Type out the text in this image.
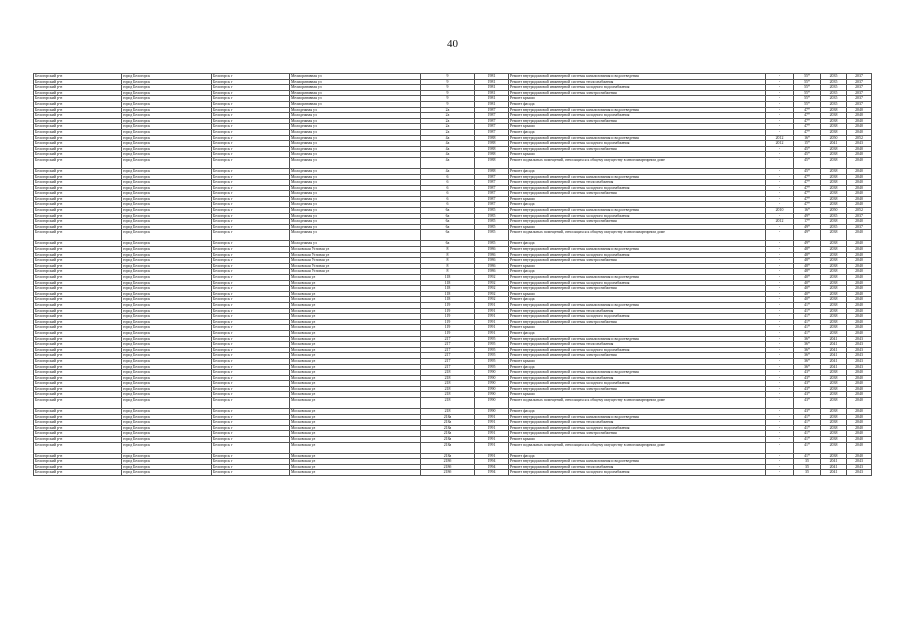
40
Белогорский р-н	город Белогорск	Белогорск г	Мелиоративная ул	9	1981	Ремонт внутридомовой инженерной системы канализования и водоотведения	-	55*	2035	2037
Белогорский р-н	город Белогорск	Белогорск г	Мелиоративная ул	9	1981	Ремонт внутридомовой инженерной системы теплоснабжения	-	55*	2035	2037
Белогорский р-н	город Белогорск	Белогорск г	Мелиоративная ул	9	1981	Ремонт внутридомовой инженерной системы холодного водоснабжения	-	55*	2035	2037
Белогорский р-н	город Белогорск	Белогорск г	Мелиоративная ул	9	1981	Ремонт внутридомовой инженерной системы электроснабжения	-	55*	2035	2037
Белогорский р-н	город Белогорск	Белогорск г	Мелиоративная ул	9	1981	Ремонт крыши	-	55*	2035	2037
Белогорский р-н	город Белогорск	Белогорск г	Мелиоративная ул	9	1981	Ремонт фасада	-	55*	2035	2037
Белогорский р-н	город Белогорск	Белогорск г	Молодежная ул	2а	1987	Ремонт внутридомовой инженерной системы канализования и водоотведения	-	47*	2038	2040
Белогорский р-н	город Белогорск	Белогорск г	Молодежная ул	2а	1987	Ремонт внутридомовой инженерной системы холодного водоснабжения	-	47*	2038	2040
Белогорский р-н	город Белогорск	Белогорск г	Молодежная ул	2а	1987	Ремонт внутридомовой инженерной системы электроснабжения	-	47*	2038	2040
Белогорский р-н	город Белогорск	Белогорск г	Молодежная ул	2а	1987	Ремонт крыши	-	47*	2038	2040
Белогорский р-н	город Белогорск	Белогорск г	Молодежная ул	2а	1987	Ремонт фасада	-	47*	2038	2040
Белогорский р-н	город Белогорск	Белогорск г	Молодежная ул	4а	1988	Ремонт внутридомовой инженерной системы канализования и водоотведения	2012	16*	2050	2052
Белогорский р-н	город Белогорск	Белогорск г	Молодежная ул	4а	1988	Ремонт внутридомовой инженерной системы холодного водоснабжения	2012	15*	2041	2043
Белогорский р-н	город Белогорск	Белогорск г	Молодежная ул	4а	1988	Ремонт внутридомовой инженерной системы электроснабжения	-	45*	2038	2040
Белогорский р-н	город Белогорск	Белогорск г	Молодежная ул	4а	1988	Ремонт крыши	-	45*	2038	2040
Белогорский р-н	город Белогорск	Белогорск г	Молодежная ул	4а	1988	Ремонт подвальных помещений, относящихся к общему имуществу в многоквартирном доме	-	45*	2038	2040
Белогорский р-н	город Белогорск	Белогорск г	Молодежная ул	4а	1988	Ремонт фасада	-	45*	2038	2040
Белогорский р-н	город Белогорск	Белогорск г	Молодежная ул	6	1987	Ремонт внутридомовой инженерной системы канализования и водоотведения	-	47*	2038	2040
Белогорский р-н	город Белогорск	Белогорск г	Молодежная ул	6	1987	Ремонт внутридомовой инженерной системы теплоснабжения	-	47*	2038	2040
Белогорский р-н	город Белогорск	Белогорск г	Молодежная ул	6	1987	Ремонт внутридомовой инженерной системы холодного водоснабжения	-	47*	2038	2040
Белогорский р-н	город Белогорск	Белогорск г	Молодежная ул	6	1987	Ремонт внутридомовой инженерной системы электроснабжения	-	47*	2038	2040
Белогорский р-н	город Белогорск	Белогорск г	Молодежная ул	6	1987	Ремонт крыши	-	47*	2038	2040
Белогорский р-н	город Белогорск	Белогорск г	Молодежная ул	6	1987	Ремонт фасада	-	47*	2038	2040
Белогорский р-н	город Белогорск	Белогорск г	Молодежная ул	6а	1985	Ремонт внутридомовой инженерной системы канализования и водоотведения	2010	16*	2050	2052
Белогорский р-н	город Белогорск	Белогорск г	Молодежная ул	6а	1985	Ремонт внутридомовой инженерной системы холодного водоснабжения	-	49*	2035	2037
Белогорский р-н	город Белогорск	Белогорск г	Молодежная ул	6а	1985	Ремонт внутридомовой инженерной системы электроснабжения	2012	17*	2038	2040
Белогорский р-н	город Белогорск	Белогорск г	Молодежная ул	6а	1985	Ремонт крыши	-	49*	2035	2037
Белогорский р-н	город Белогорск	Белогорск г	Молодежная ул	6а	1985	Ремонт подвальных помещений, относящихся к общему имуществу в многоквартирном доме	-	49*	2038	2040
Белогорский р-н	город Белогорск	Белогорск г	Молодежная ул	6а	1985	Ремонт фасада	-	49*	2038	2040
Белогорский р-н	город Белогорск	Белогорск г	Московская Угловая ул	8	1986	Ремонт внутридомовой инженерной системы канализования и водоотведения	-	48*	2038	2040
Белогорский р-н	город Белогорск	Белогорск г	Московская Угловая ул	8	1986	Ремонт внутридомовой инженерной системы холодного водоснабжения	-	48*	2038	2040
Белогорский р-н	город Белогорск	Белогорск г	Московская Угловая ул	8	1986	Ремонт внутридомовой инженерной системы электроснабжения	-	48*	2038	2040
Белогорский р-н	город Белогорск	Белогорск г	Московская Угловая ул	8	1986	Ремонт крыши	-	48*	2038	2040
Белогорский р-н	город Белогорск	Белогорск г	Московская Угловая ул	8	1986	Ремонт фасада	-	48*	2038	2040
Белогорский р-н	город Белогорск	Белогорск г	Московская ул	118	1992	Ремонт внутридомовой инженерной системы канализования и водоотведения	-	40*	2038	2040
Белогорский р-н	город Белогорск	Белогорск г	Московская ул	118	1992	Ремонт внутридомовой инженерной системы холодного водоснабжения	-	40*	2038	2040
Белогорский р-н	город Белогорск	Белогорск г	Московская ул	118	1992	Ремонт внутридомовой инженерной системы электроснабжения	-	40*	2038	2040
Белогорский р-н	город Белогорск	Белогорск г	Московская ул	118	1992	Ремонт крыши	-	40*	2038	2040
Белогорский р-н	город Белогорск	Белогорск г	Московская ул	118	1992	Ремонт фасада	-	40*	2038	2040
Белогорский р-н	город Белогорск	Белогорск г	Московская ул	119	1991	Ремонт внутридомовой инженерной системы канализования и водоотведения	-	41*	2038	2040
Белогорский р-н	город Белогорск	Белогорск г	Московская ул	119	1991	Ремонт внутридомовой инженерной системы теплоснабжения	-	41*	2038	2040
Белогорский р-н	город Белогорск	Белогорск г	Московская ул	119	1991	Ремонт внутридомовой инженерной системы холодного водоснабжения	-	41*	2038	2040
Белогорский р-н	город Белогорск	Белогорск г	Московская ул	119	1991	Ремонт внутридомовой инженерной системы электроснабжения	-	41*	2038	2040
Белогорский р-н	город Белогорск	Белогорск г	Московская ул	119	1991	Ремонт крыши	-	41*	2038	2040
Белогорский р-н	город Белогорск	Белогорск г	Московская ул	119	1991	Ремонт фасада	-	41*	2038	2040
Белогорский р-н	город Белогорск	Белогорск г	Московская ул	217	1995	Ремонт внутридомовой инженерной системы канализования и водоотведения	-	36*	2041	2043
Белогорский р-н	город Белогорск	Белогорск г	Московская ул	217	1995	Ремонт внутридомовой инженерной системы теплоснабжения	-	36*	2041	2043
Белогорский р-н	город Белогорск	Белогорск г	Московская ул	217	1995	Ремонт внутридомовой инженерной системы холодного водоснабжения	-	36*	2041	2043
Белогорский р-н	город Белогорск	Белогорск г	Московская ул	217	1995	Ремонт внутридомовой инженерной системы электроснабжения	-	36*	2041	2043
Белогорский р-н	город Белогорск	Белогорск г	Московская ул	217	1995	Ремонт крыши	-	36*	2041	2043
Белогорский р-н	город Белогорск	Белогорск г	Московская ул	217	1995	Ремонт фасада	-	36*	2041	2043
Белогорский р-н	город Белогорск	Белогорск г	Московская ул	218	1990	Ремонт внутридомовой инженерной системы канализования и водоотведения	-	43*	2038	2040
Белогорский р-н	город Белогорск	Белогорск г	Московская ул	218	1990	Ремонт внутридомовой инженерной системы теплоснабжения	-	43*	2038	2040
Белогорский р-н	город Белогорск	Белогорск г	Московская ул	218	1990	Ремонт внутридомовой инженерной системы холодного водоснабжения	-	43*	2038	2040
Белогорский р-н	город Белогорск	Белогорск г	Московская ул	218	1990	Ремонт внутридомовой инженерной системы электроснабжения	-	43*	2038	2040
Белогорский р-н	город Белогорск	Белогорск г	Московская ул	218	1990	Ремонт крыши	-	43*	2038	2040
Белогорский р-н	город Белогорск	Белогорск г	Московская ул	218	1990	Ремонт подвальных помещений, относящихся к общему имуществу в многоквартирном доме	-	43*	2038	2040
Белогорский р-н	город Белогорск	Белогорск г	Московская ул	218	1990	Ремонт фасада	-	43*	2038	2040
Белогорский р-н	город Белогорск	Белогорск г	Московская ул	218а	1991	Ремонт внутридомовой инженерной системы канализования и водоотведения	-	41*	2038	2040
Белогорский р-н	город Белогорск	Белогорск г	Московская ул	218а	1991	Ремонт внутридомовой инженерной системы теплоснабжения	-	41*	2038	2040
Белогорский р-н	город Белогорск	Белогорск г	Московская ул	218а	1991	Ремонт внутридомовой инженерной системы холодного водоснабжения	-	41*	2038	2040
Белогорский р-н	город Белогорск	Белогорск г	Московская ул	218а	1991	Ремонт внутридомовой инженерной системы электроснабжения	-	41*	2038	2040
Белогорский р-н	город Белогорск	Белогорск г	Московская ул	218а	1991	Ремонт крыши	-	41*	2038	2040
Белогорский р-н	город Белогорск	Белогорск г	Московская ул	218а	1991	Ремонт подвальных помещений, относящихся к общему имуществу в многоквартирном доме	-	41*	2038	2040
Белогорский р-н	город Белогорск	Белогорск г	Московская ул	218а	1991	Ремонт фасада	-	41*	2038	2040
Белогорский р-н	город Белогорск	Белогорск г	Московская ул	218б	1994	Ремонт внутридомовой инженерной системы канализования и водоотведения	-	35	2041	2043
Белогорский р-н	город Белогорск	Белогорск г	Московская ул	218б	1994	Ремонт внутридомовой инженерной системы теплоснабжения	-	35	2041	2043
Белогорский р-н	город Белогорск	Белогорск г	Московская ул	218б	1994	Ремонт внутридомовой инженерной системы холодного водоснабжения	-	35	2041	2043
